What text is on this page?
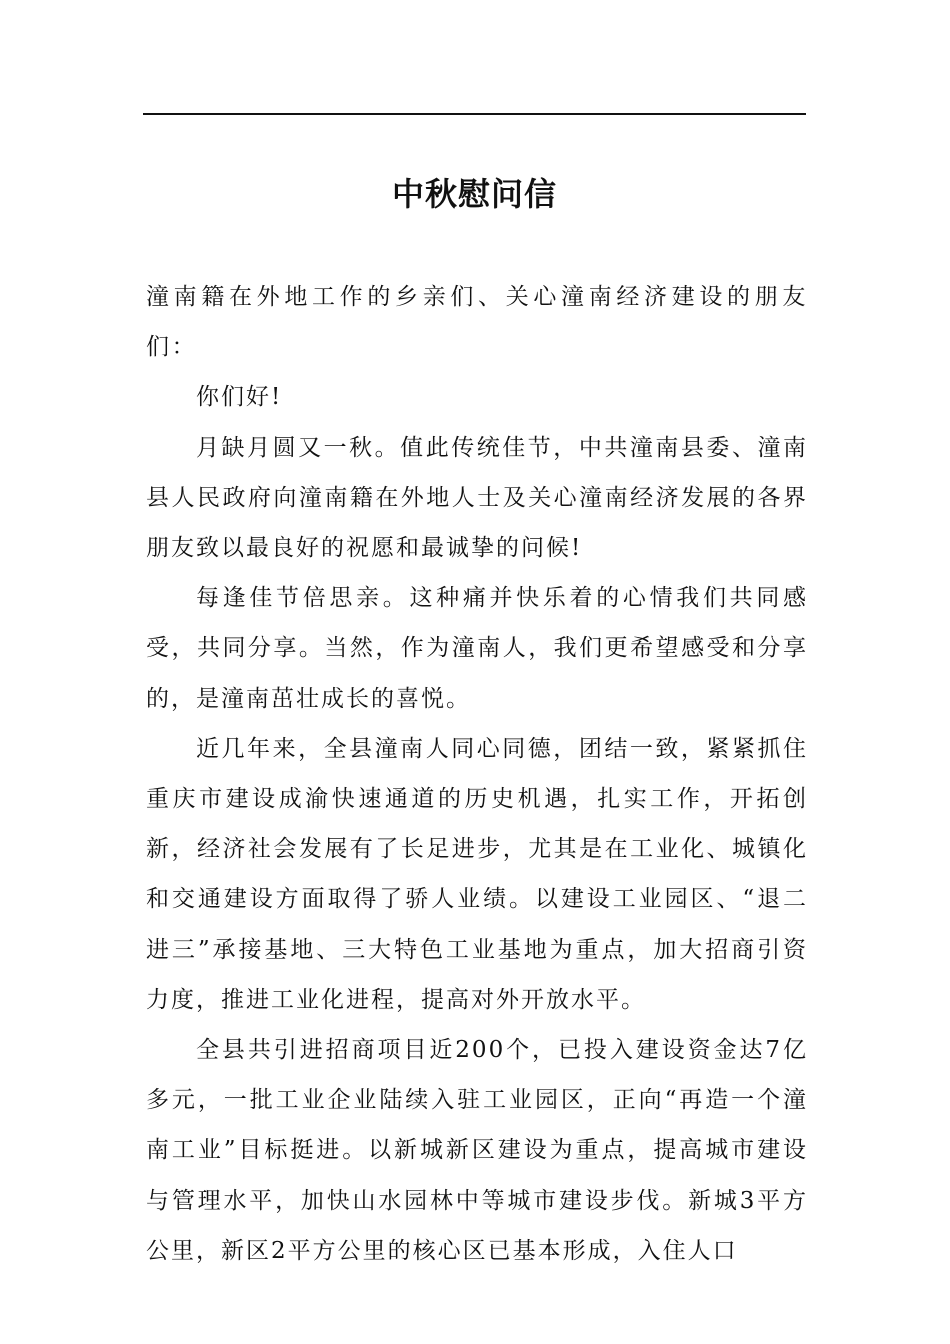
中秋慰问信

潼南籍在外地工作的乡亲们、关心潼南经济建设的朋友们：

你们好!

月缺月圆又一秋。值此传统佳节，中共潼南县委、潼南县人民政府向潼南籍在外地人士及关心潼南经济发展的各界朋友致以最良好的祝愿和最诚挚的问候!

每逢佳节倍思亲。这种痛并快乐着的心情我们共同感受，共同分享。当然，作为潼南人，我们更希望感受和分享的，是潼南茁壮成长的喜悦。

近几年来，全县潼南人同心同德，团结一致，紧紧抓住重庆市建设成渝快速通道的历史机遇，扎实工作，开拓创新，经济社会发展有了长足进步，尤其是在工业化、城镇化和交通建设方面取得了骄人业绩。以建设工业园区、“退二进三”承接基地、三大特色工业基地为重点，加大招商引资力度，推进工业化进程，提高对外开放水平。

全县共引进招商项目近200个，已投入建设资金达7亿多元，一批工业企业陆续入驻工业园区，正向“再造一个潼南工业”目标挺进。以新城新区建设为重点，提高城市建设与管理水平，加快山水园林中等城市建设步伐。新城3平方公里，新区2平方公里的核心区已基本形成，入住人口
